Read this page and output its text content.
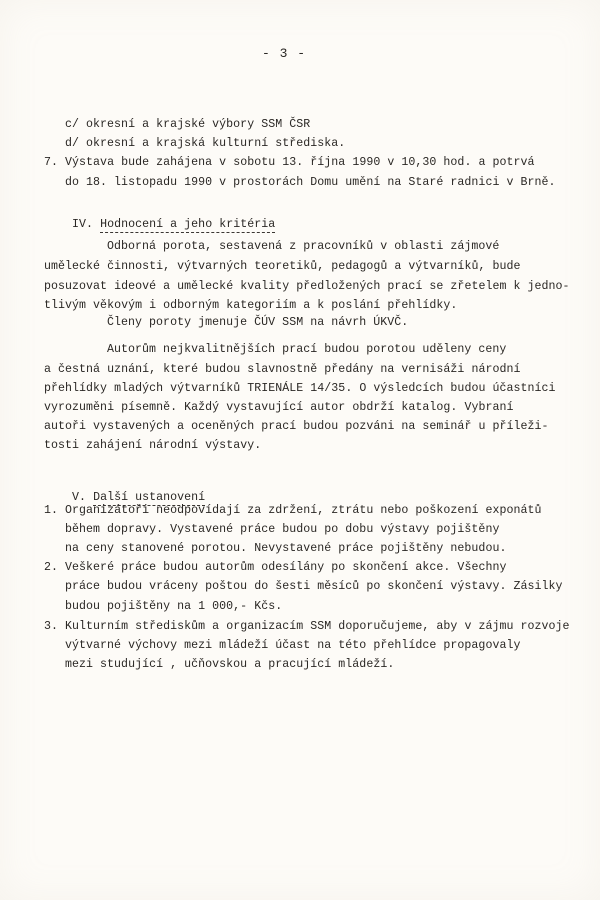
- 3 -
c/ okresní a krajské výbory SSM ČSR
d/ okresní a krajská kulturní střediska.
7. Výstava bude zahájena v sobotu 13. října 1990 v 10,30 hod. a potrvá
do 18. listopadu 1990 v prostorách Domu umění na Staré radnici v Brně.

IV. Hodnocení a jeho kritéria

Odborná porota, sestavená z pracovníků v oblasti zájmové
umělecké činnosti, výtvarných teoretiků, pedagogů a výtvarníků, bude
posuzovat ideové a umělecké kvality předložených prací se zřetelem k jedno-
tlivým věkovým i odborným kategoriím a k poslání přehlídky.
Členy poroty jmenuje ČÚV SSM na návrh ÚKVČ.
Autorům nejkvalitnějších prací budou porotou uděleny ceny
a čestná uznání, které budou slavnostně předány na vernisáži národní
přehlídky mladých výtvarníků TRIENÁLE 14/35. O výsledcích budou účastníci
vyrozuměni písemně. Každý vystavující autor obdrží katalog. Vybraní
autoři vystavených a oceněných prací budou pozváni na seminář u příleži-
tosti zahájení národní výstavy.

V. Další ustanovení

1. Organizátoři neodpovídají za zdržení, ztrátu nebo poškození exponátů
během dopravy. Vystavené práce budou po dobu výstavy pojištěny
na ceny stanovené porotou. Nevystavené práce pojištěny nebudou.
2. Veškeré práce budou autorům odesílány po skončení akce. Všechny
práce budou vráceny poštou do šesti měsíců po skončení výstavy. Zásilky
budou pojištěny na 1 000,- Kčs.
3. Kulturním střediskům a organizacím SSM doporučujeme, aby v zájmu rozvoje
výtvarné výchovy mezi mládeží účast na této přehlídce propagovaly
mezi studující , učňovskou a pracující mládeží.
